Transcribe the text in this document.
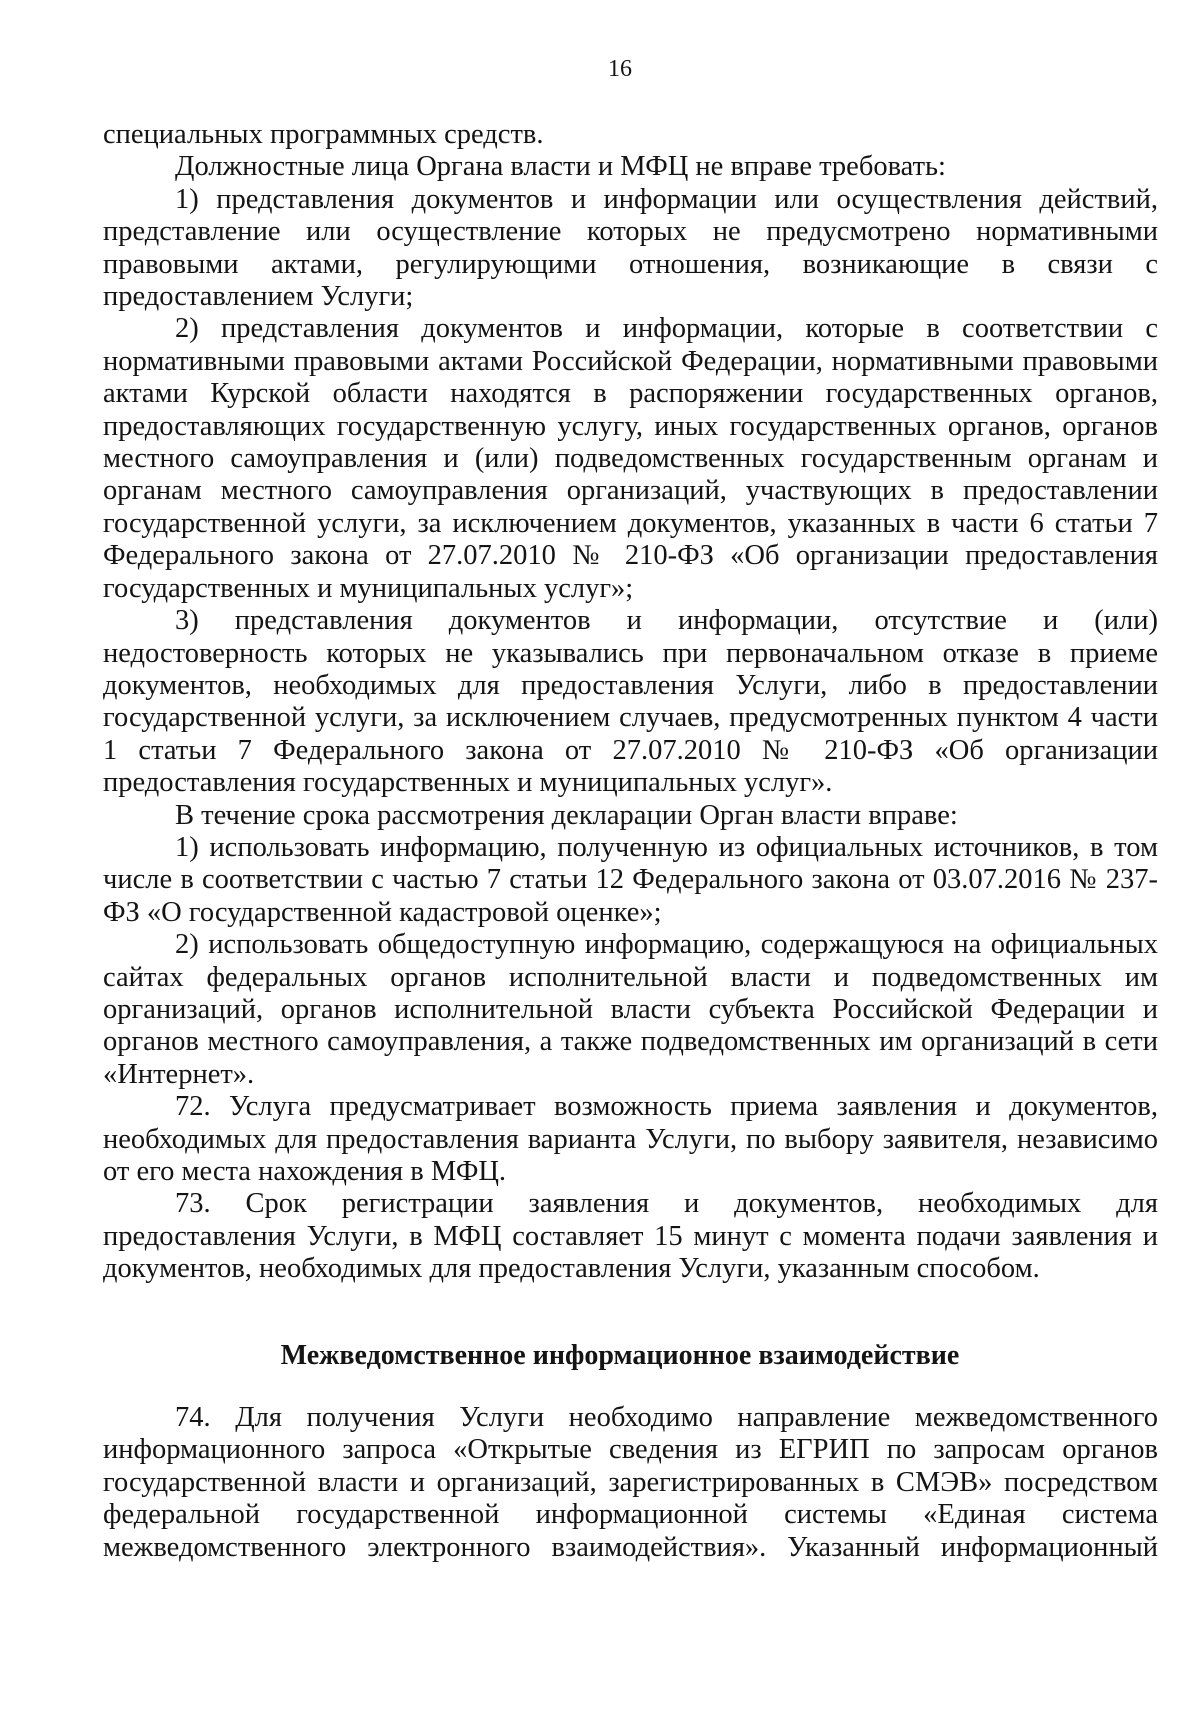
16

специальных программных средств.

Должностные лица Органа власти и МФЦ не вправе требовать:

1) представления документов и информации или осуществления действий, представление или осуществление которых не предусмотрено нормативными правовыми актами, регулирующими отношения, возникающие в связи с предоставлением Услуги;

2) представления документов и информации, которые в соответствии с нормативными правовыми актами Российской Федерации, нормативными правовыми актами Курской области находятся в распоряжении государственных органов, предоставляющих государственную услугу, иных государственных органов, органов местного самоуправления и (или) подведомственных государственным органам и органам местного самоуправления организаций, участвующих в предоставлении государственной услуги, за исключением документов, указанных в части 6 статьи 7 Федерального закона от 27.07.2010 № 210-ФЗ «Об организации предоставления государственных и муниципальных услуг»;

3) представления документов и информации, отсутствие и (или) недостоверность которых не указывались при первоначальном отказе в приеме документов, необходимых для предоставления Услуги, либо в предоставлении государственной услуги, за исключением случаев, предусмотренных пунктом 4 части 1 статьи 7 Федерального закона от 27.07.2010 № 210-ФЗ «Об организации предоставления государственных и муниципальных услуг».

В течение срока рассмотрения декларации Орган власти вправе:

1) использовать информацию, полученную из официальных источников, в том числе в соответствии с частью 7 статьи 12 Федерального закона от 03.07.2016 № 237-ФЗ «О государственной кадастровой оценке»;

2) использовать общедоступную информацию, содержащуюся на официальных сайтах федеральных органов исполнительной власти и подведомственных им организаций, органов исполнительной власти субъекта Российской Федерации и органов местного самоуправления, а также подведомственных им организаций в сети «Интернет».

72. Услуга предусматривает возможность приема заявления и документов, необходимых для предоставления варианта Услуги, по выбору заявителя, независимо от его места нахождения в МФЦ.

73. Срок регистрации заявления и документов, необходимых для предоставления Услуги, в МФЦ составляет 15 минут с момента подачи заявления и документов, необходимых для предоставления Услуги, указанным способом.

Межведомственное информационное взаимодействие

74. Для получения Услуги необходимо направление межведомственного информационного запроса «Открытые сведения из ЕГРИП по запросам органов государственной власти и организаций, зарегистрированных в СМЭВ» посредством федеральной государственной информационной системы «Единая система межведомственного электронного взаимодействия». Указанный информационный
